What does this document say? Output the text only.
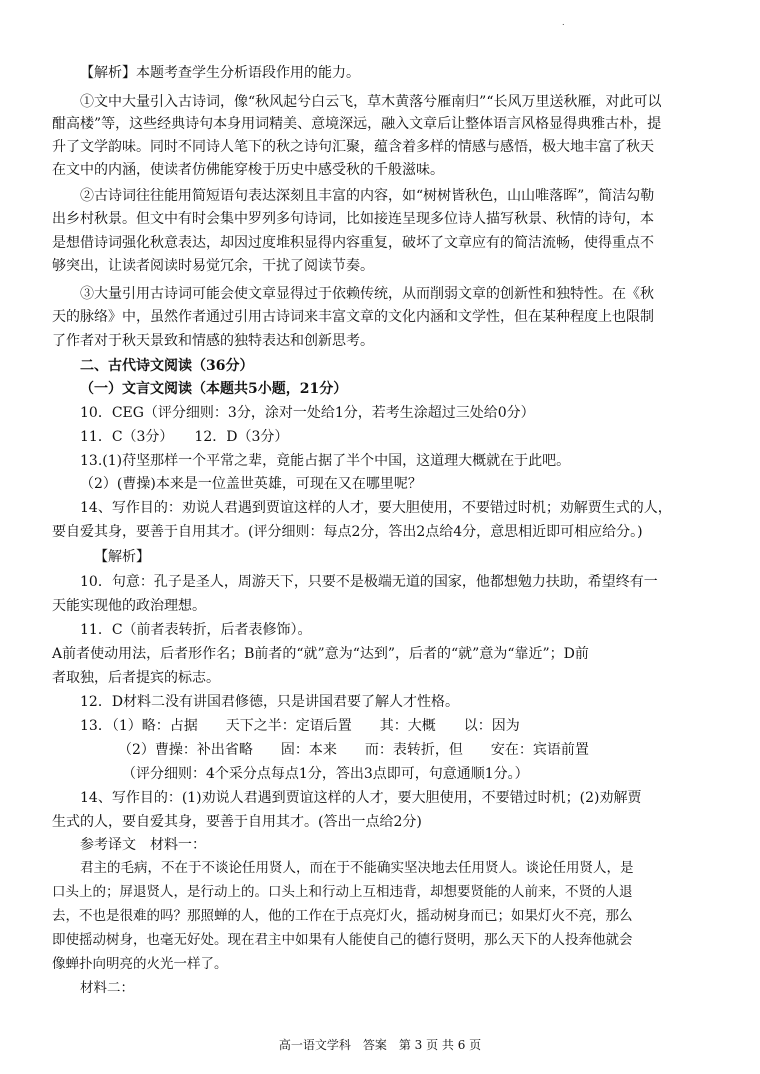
.
【解析】本题考查学生分析语段作用的能力。
①文中大量引入古诗词，像“秋风起兮白云飞，草木黄落兮雁南归”“长风万里送秋雁，对此可以
酣高楼”等，这些经典诗句本身用词精美、意境深远，融入文章后让整体语言风格显得典雅古朴，提
升了文学韵味。同时不同诗人笔下的秋之诗句汇聚，蕴含着多样的情感与感悟，极大地丰富了秋天
在文中的内涵，使读者仿佛能穿梭于历史中感受秋的千般滋味。
②古诗词往往能用简短语句表达深刻且丰富的内容，如“树树皆秋色，山山唯落晖”，简洁勾勒
出乡村秋景。但文中有时会集中罗列多句诗词，比如接连呈现多位诗人描写秋景、秋情的诗句，本
是想借诗词强化秋意表达，却因过度堆积显得内容重复，破坏了文章应有的简洁流畅，使得重点不
够突出，让读者阅读时易觉冗余，干扰了阅读节奏。
③大量引用古诗词可能会使文章显得过于依赖传统，从而削弱文章的创新性和独特性。在《秋
天的脉络》中，虽然作者通过引用古诗词来丰富文章的文化内涵和文学性，但在某种程度上也限制
了作者对于秋天景致和情感的独特表达和创新思考。
二、古代诗文阅读（36分）
（一）文言文阅读（本题共5小题，21分）
10．CEG（评分细则：3分，涂对一处给1分，若考生涂超过三处给0分）
11．C（3分）　　12．D（3分）
13.(1)苻坚那样一个平常之辈，竟能占据了半个中国，这道理大概就在于此吧。
（2）(曹操)本来是一位盖世英雄，可现在又在哪里呢？
14、写作目的：劝说人君遇到贾谊这样的人才，要大胆使用，不要错过时机；劝解贾生式的人，
要自爱其身，要善于自用其才。(评分细则：每点2分，答出2点给4分，意思相近即可相应给分。)
【解析】
10．句意：孔子是圣人，周游天下，只要不是极端无道的国家，他都想勉力扶助，希望终有一
天能实现他的政治理想。
11．C（前者表转折，后者表修饰）。
A前者使动用法，后者形作名；B前者的“就”意为“达到”，后者的“就”意为“靠近”；D前
者取独，后者提宾的标志。
12．D材料二没有讲国君修德，只是讲国君要了解人才性格。
13．（1）略：占据　　天下之半：定语后置　　其：大概　　以：因为
（2）曹操：补出省略　　固：本来　　而：表转折，但　　安在：宾语前置
（评分细则：4个采分点每点1分，答出3点即可，句意通顺1分。）
14、写作目的：(1)劝说人君遇到贾谊这样的人才，要大胆使用，不要错过时机；(2)劝解贾
生式的人，要自爱其身，要善于自用其才。(答出一点给2分)
参考译文　材料一：
君主的毛病，不在于不谈论任用贤人，而在于不能确实坚决地去任用贤人。谈论任用贤人，是
口头上的；屏退贤人，是行动上的。口头上和行动上互相违背，却想要贤能的人前来，不贤的人退
去，不也是很难的吗？那照蝉的人，他的工作在于点亮灯火，摇动树身而已；如果灯火不亮，那么
即使摇动树身，也毫无好处。现在君主中如果有人能使自己的德行贤明，那么天下的人投奔他就会
像蝉扑向明亮的火光一样了。
材料二：
高一语文学科　答案　第 3 页 共 6 页
